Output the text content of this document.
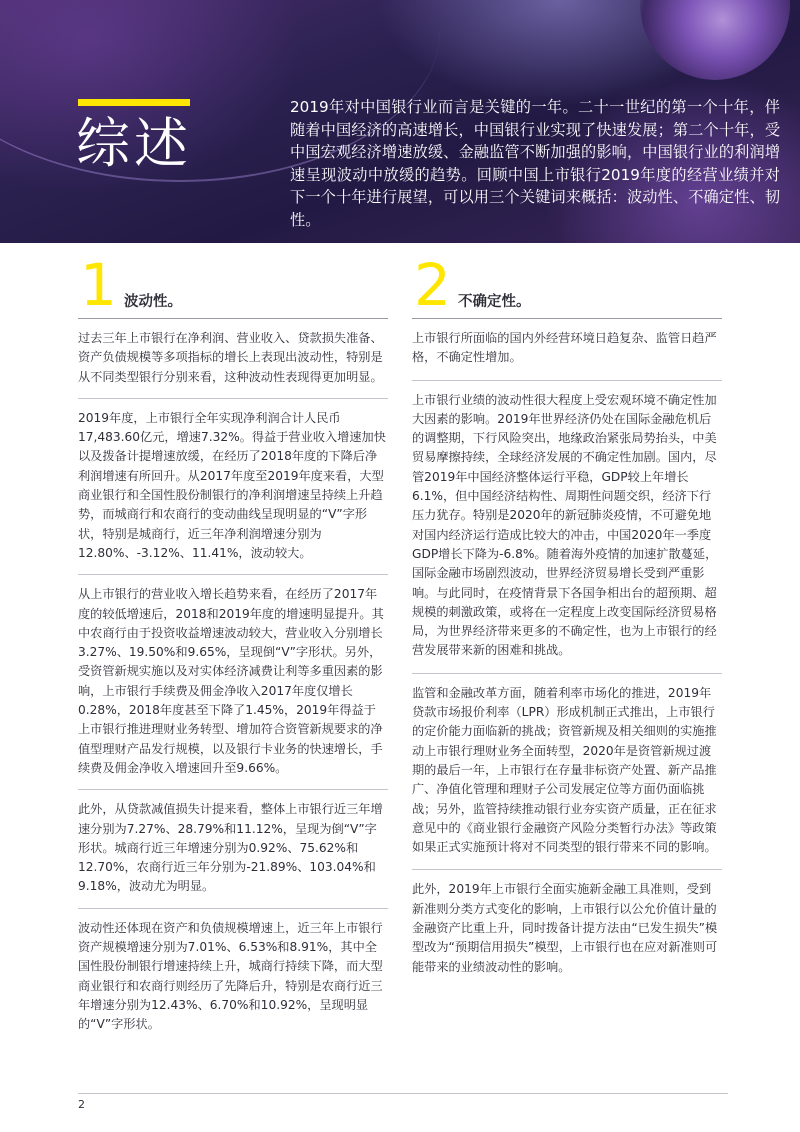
综述
2019年对中国银行业而言是关键的一年。二十一世纪的第一个十年，伴随着中国经济的高速增长，中国银行业实现了快速发展；第二个十年，受中国宏观经济增速放缓、金融监管不断加强的影响，中国银行业的利润增速呈现波动中放缓的趋势。回顾中国上市银行2019年度的经营业绩并对下一个十年进行展望，可以用三个关键词来概括：波动性、不确定性、韧性。
1 波动性。

过去三年上市银行在净利润、营业收入、贷款损失准备、资产负债规模等多项指标的增长上表现出波动性，特别是从不同类型银行分别来看，这种波动性表现得更加明显。

2019年度，上市银行全年实现净利润合计人民币17,483.60亿元，增速7.32%。得益于营业收入增速加快以及拨备计提增速放缓，在经历了2018年度的下降后净利润增速有所回升。从2017年度至2019年度来看，大型商业银行和全国性股份制银行的净利润增速呈持续上升趋势，而城商行和农商行的变动曲线呈现明显的“V”字形状，特别是城商行，近三年净利润增速分别为12.80%、-3.12%、11.41%，波动较大。

从上市银行的营业收入增长趋势来看，在经历了2017年度的较低增速后，2018和2019年度的增速明显提升。其中农商行由于投资收益增速波动较大，营业收入分别增长3.27%、19.50%和9.65%，呈现倒“V”字形状。另外，受资管新规实施以及对实体经济减费让利等多重因素的影响，上市银行手续费及佣金净收入2017年度仅增长0.28%，2018年度甚至下降了1.45%，2019年得益于上市银行推进理财业务转型、增加符合资管新规要求的净值型理财产品发行规模，以及银行卡业务的快速增长，手续费及佣金净收入增速回升至9.66%。

此外，从贷款减值损失计提来看，整体上市银行近三年增速分别为7.27%、28.79%和11.12%，呈现为倒“V”字形状。城商行近三年增速分别为0.92%、75.62%和12.70%，农商行近三年分别为-21.89%、103.04%和9.18%，波动尤为明显。

波动性还体现在资产和负债规模增速上，近三年上市银行资产规模增速分别为7.01%、6.53%和8.91%，其中全国性股份制银行增速持续上升，城商行持续下降，而大型商业银行和农商行则经历了先降后升，特别是农商行近三年增速分别为12.43%、6.70%和10.92%，呈现明显的“V”字形状。

2 不确定性。

上市银行所面临的国内外经营环境日趋复杂、监管日趋严格，不确定性增加。

上市银行业绩的波动性很大程度上受宏观环境不确定性加大因素的影响。2019年世界经济仍处在国际金融危机后的调整期，下行风险突出，地缘政治紧张局势抬头，中美贸易摩擦持续，全球经济发展的不确定性加剧。国内，尽管2019年中国经济整体运行平稳，GDP较上年增长6.1%，但中国经济结构性、周期性问题交织，经济下行压力犹存。特别是2020年的新冠肺炎疫情，不可避免地对国内经济运行造成比较大的冲击，中国2020年一季度GDP增长下降为-6.8%。随着海外疫情的加速扩散蔓延，国际金融市场剧烈波动，世界经济贸易增长受到严重影响。与此同时，在疫情背景下各国争相出台的超预期、超规模的刺激政策，或将在一定程度上改变国际经济贸易格局，为世界经济带来更多的不确定性，也为上市银行的经营发展带来新的困难和挑战。

监管和金融改革方面，随着利率市场化的推进，2019年贷款市场报价利率（LPR）形成机制正式推出，上市银行的定价能力面临新的挑战；资管新规及相关细则的实施推动上市银行理财业务全面转型，2020年是资管新规过渡期的最后一年，上市银行在存量非标资产处置、新产品推广、净值化管理和理财子公司发展定位等方面仍面临挑战；另外，监管持续推动银行业夯实资产质量，正在征求意见中的《商业银行金融资产风险分类暂行办法》等政策如果正式实施预计将对不同类型的银行带来不同的影响。

此外，2019年上市银行全面实施新金融工具准则，受到新准则分类方式变化的影响，上市银行以公允价值计量的金融资产比重上升，同时拨备计提方法由“已发生损失”模型改为“预期信用损失”模型，上市银行也在应对新准则可能带来的业绩波动性的影响。

2
